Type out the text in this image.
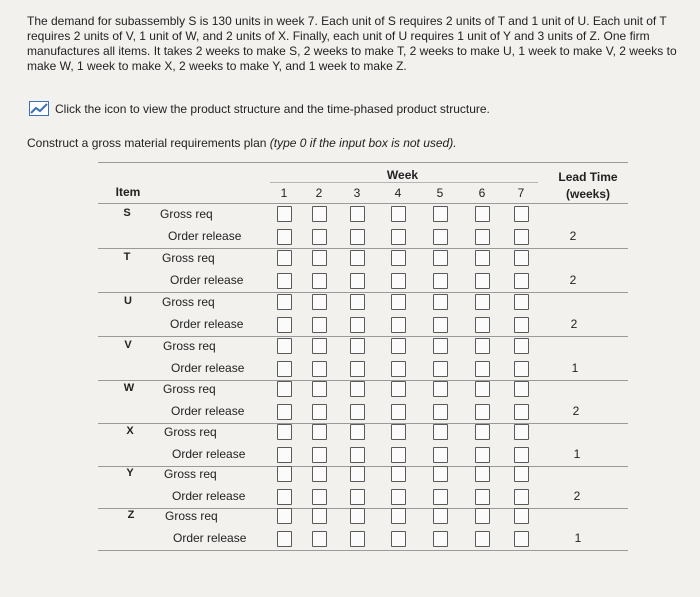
The demand for subassembly S is 130 units in week 7. Each unit of S requires 2 units of T and 1 unit of U. Each unit of T requires 2 units of V, 1 unit of W, and 2 units of X. Finally, each unit of U requires 1 unit of Y and 3 units of Z. One firm manufactures all items. It takes 2 weeks to make S, 2 weeks to make T, 2 weeks to make U, 1 week to make V, 2 weeks to make W, 1 week to make X, 2 weeks to make Y, and 1 week to make Z.
Click the icon to view the product structure and the time-phased product structure.
Construct a gross material requirements plan (type 0 if the input box is not used).
Week
Item
Lead Time
(weeks)
1	2	3	4	5	6	7
S	Gross req
Order release	2
T	Gross req
Order release	2
U	Gross req
Order release	2
V	Gross req
Order release	1
W	Gross req
Order release	2
X	Gross req
Order release	1
Y	Gross req
Order release	2
Z	Gross req
Order release	1
